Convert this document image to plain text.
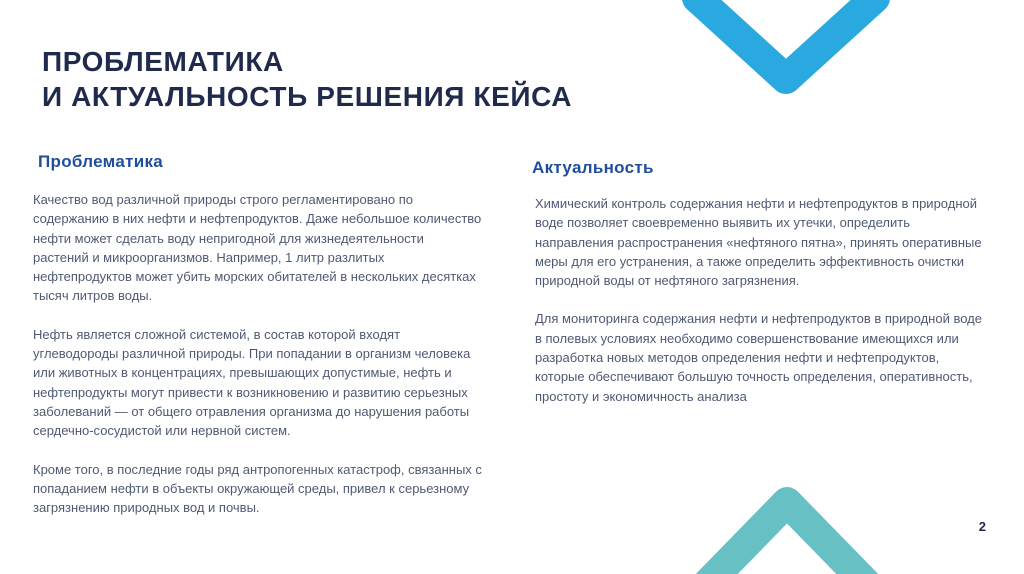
ПРОБЛЕМАТИКА
И АКТУАЛЬНОСТЬ РЕШЕНИЯ КЕЙСА
Проблематика

Качество вод различной природы строго регламентировано по содержанию в них нефти и нефтепродуктов. Даже небольшое количество нефти может сделать воду непригодной для жизнедеятельности растений и микроорганизмов. Например, 1 литр разлитых нефтепродуктов может убить морских обитателей в нескольких десятках тысяч литров воды.

Нефть является сложной системой, в состав которой входят углеводороды различной природы. При попадании в организм человека или животных в концентрациях, превышающих допустимые, нефть и нефтепродукты могут привести к возникновению и развитию серьезных заболеваний — от общего отравления организма до нарушения работы сердечно-сосудистой или нервной систем.

Кроме того, в последние годы ряд антропогенных катастроф, связанных с попаданием нефти в объекты окружающей среды, привел к серьезному загрязнению природных вод и почвы.

Актуальность

Химический контроль содержания нефти и нефтепродуктов в природной воде позволяет своевременно выявить их утечки, определить направления распространения «нефтяного пятна», принять оперативные меры для его устранения, а также определить эффективность очистки природной воды от нефтяного загрязнения.

Для мониторинга содержания нефти и нефтепродуктов в природной воде в полевых условиях необходимо совершенствование имеющихся или разработка новых методов определения нефти и нефтепродуктов, которые обеспечивают большую точность определения, оперативность, простоту и экономичность анализа

2
